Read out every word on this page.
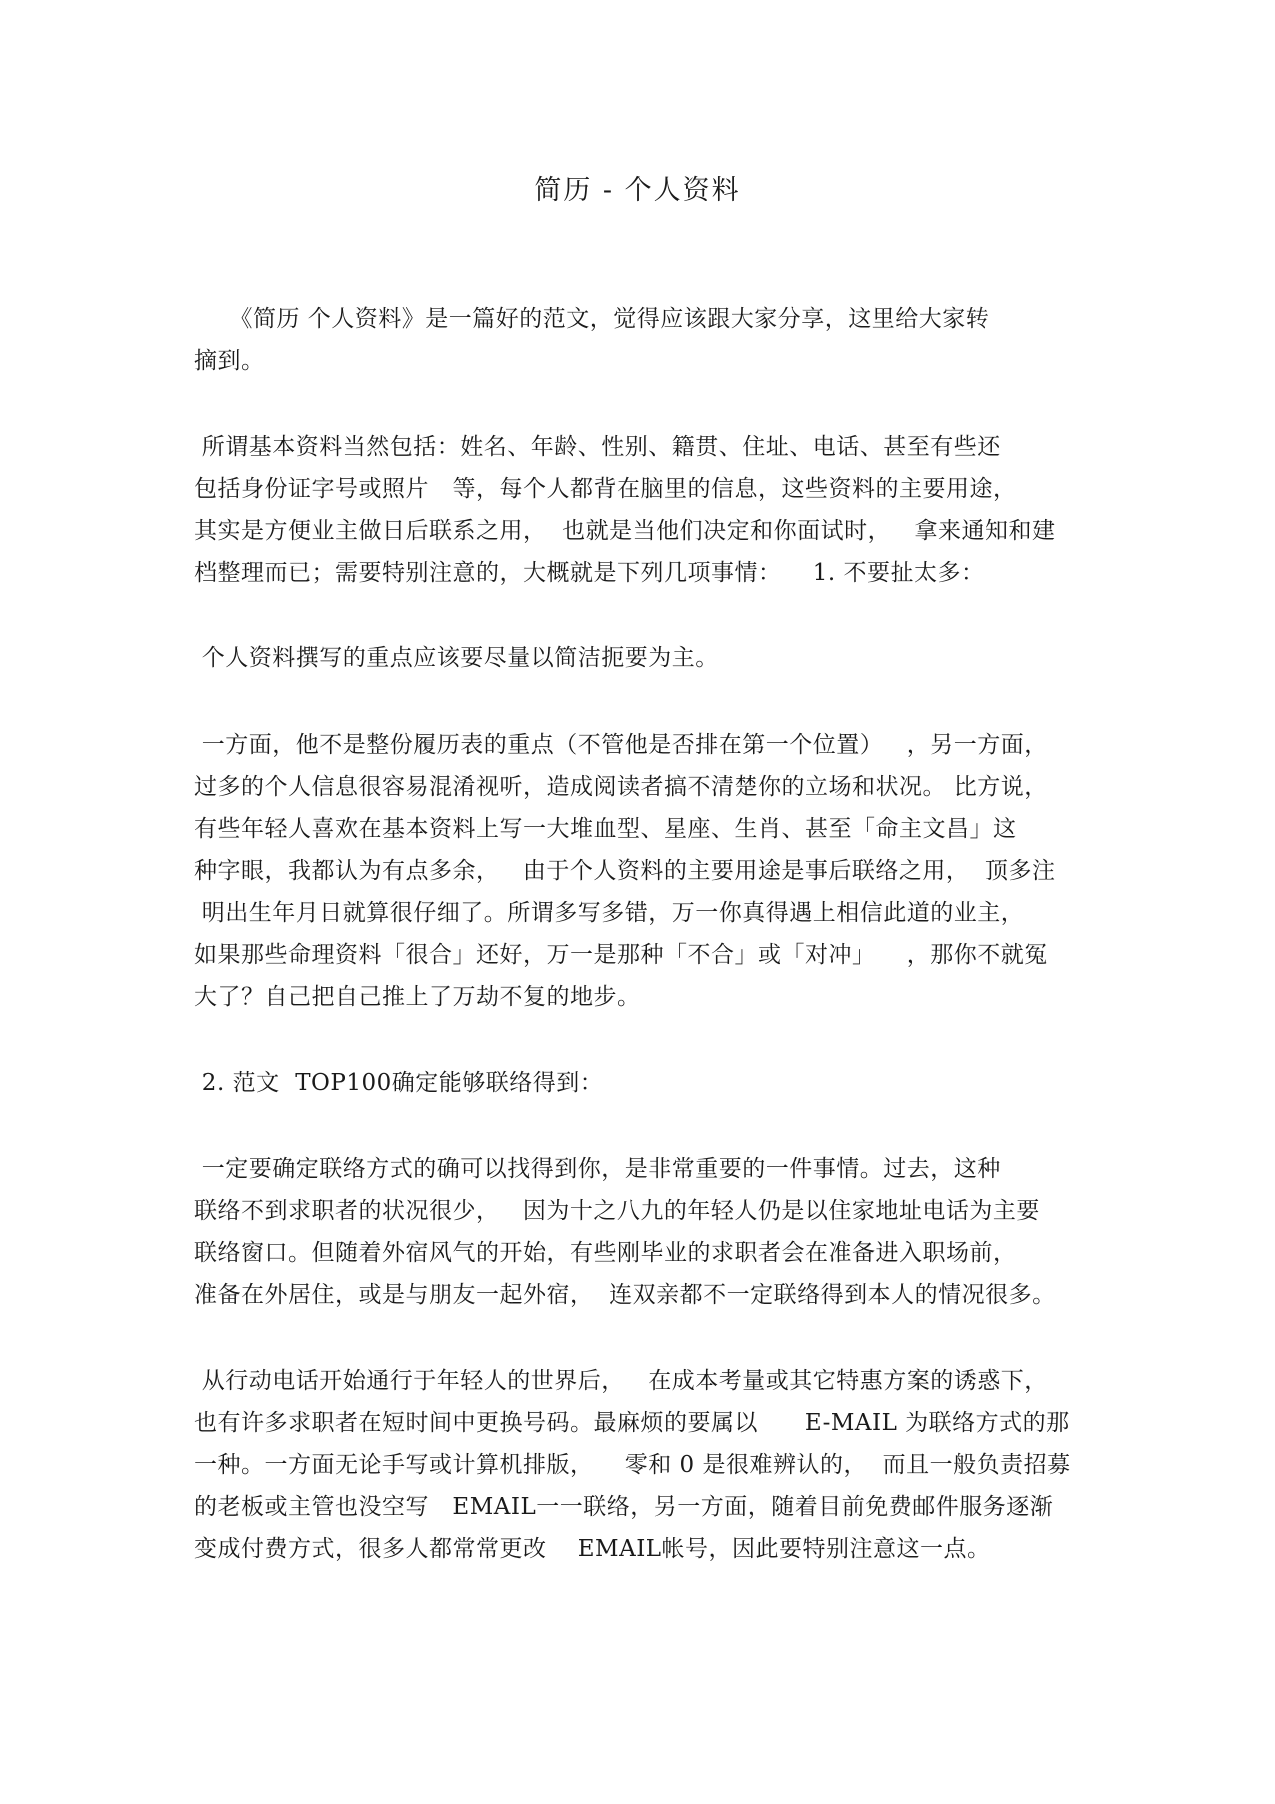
简历 - 个人资料
　　《简历 个人资料》是一篇好的范文，觉得应该跟大家分享，这里给大家转
摘到。
所谓基本资料当然包括：姓名、年龄、性别、籍贯、住址、电话、甚至有些还
包括身份证字号或照片　等，每个人都背在脑里的信息，这些资料的主要用途，
其实是方便业主做日后联系之用，  也就是当他们决定和你面试时，   拿来通知和建
档整理而已；需要特别注意的，大概就是下列几项事情：    1. 不要扯太多：
个人资料撰写的重点应该要尽量以简洁扼要为主。
一方面，他不是整份履历表的重点（不管他是否排在第一个位置）   ，另一方面，
过多的个人信息很容易混淆视听，造成阅读者搞不清楚你的立场和状况。 比方说，
有些年轻人喜欢在基本资料上写一大堆血型、星座、生肖、甚至「命主文昌」这
种字眼，我都认为有点多余，   由于个人资料的主要用途是事后联络之用，  顶多注
明出生年月日就算很仔细了。所谓多写多错，万一你真得遇上相信此道的业主，
如果那些命理资料「很合」还好，万一是那种「不合」或「对冲」    ，那你不就冤
大了？自己把自己推上了万劫不复的地步。
2. 范文  TOP100确定能够联络得到：
一定要确定联络方式的确可以找得到你，是非常重要的一件事情。过去，这种
联络不到求职者的状况很少，   因为十之八九的年轻人仍是以住家地址电话为主要
联络窗口。但随着外宿风气的开始，有些刚毕业的求职者会在准备进入职场前，
准备在外居住，或是与朋友一起外宿，  连双亲都不一定联络得到本人的情况很多。
从行动电话开始通行于年轻人的世界后，   在成本考量或其它特惠方案的诱惑下，
也有许多求职者在短时间中更换号码。最麻烦的要属以      E-MAIL 为联络方式的那
一种。一方面无论手写或计算机排版，    零和 0 是很难辨认的，  而且一般负责招募
的老板或主管也没空写   EMAIL一一联络，另一方面，随着目前免费邮件服务逐渐
变成付费方式，很多人都常常更改    EMAIL帐号，因此要特别注意这一点。
